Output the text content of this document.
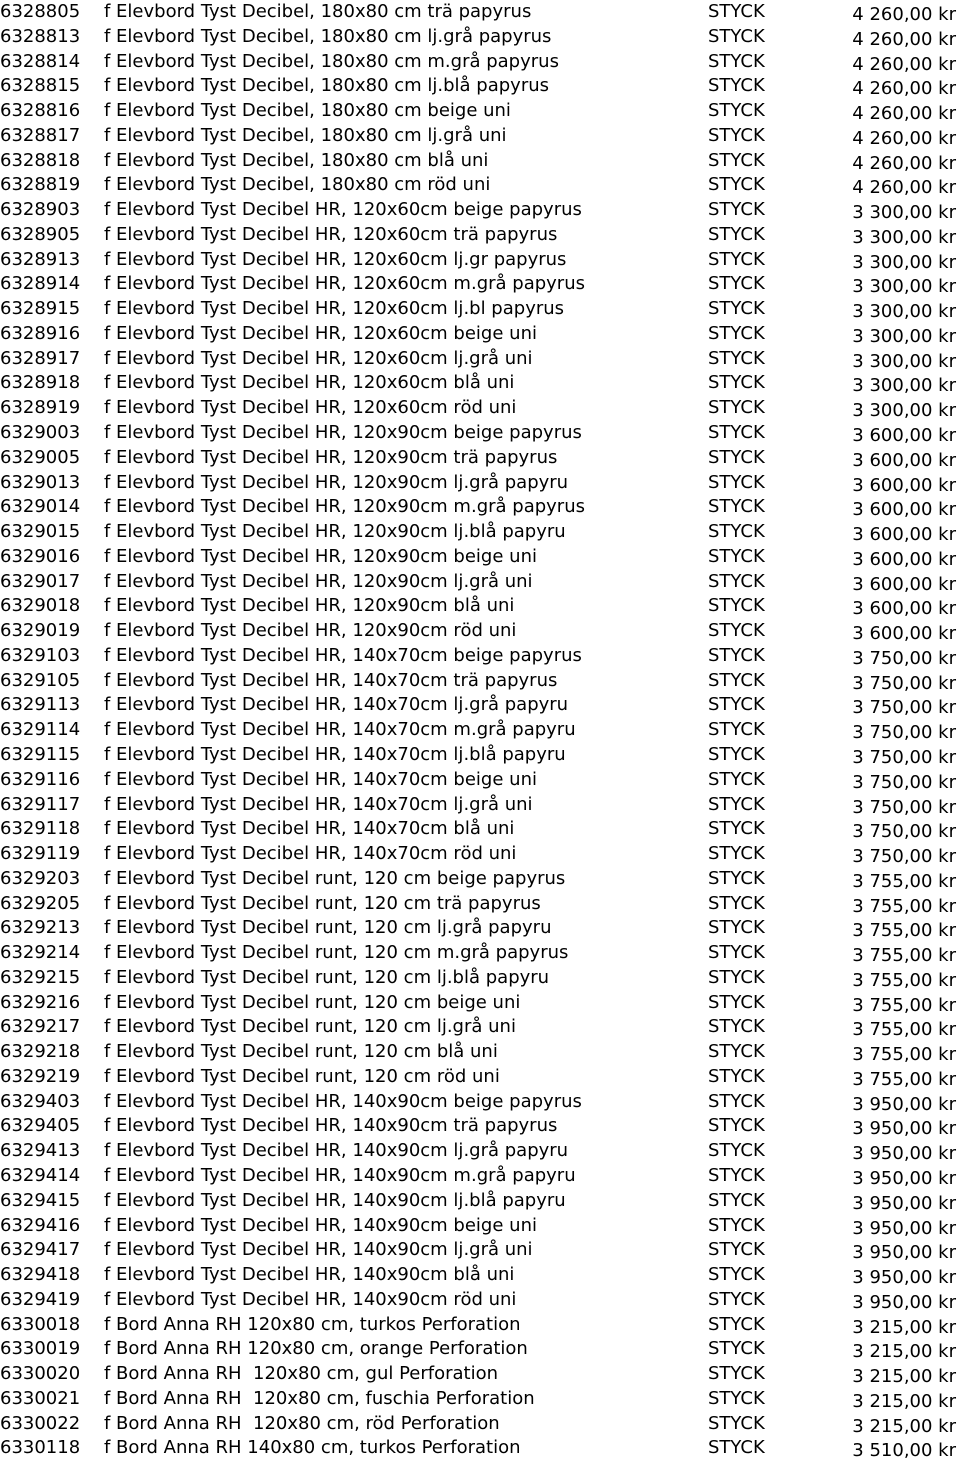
6328805 f Elevbord Tyst Decibel, 180x80 cm trä papyrus	STYCK	4 260,00 kr
6328813 f Elevbord Tyst Decibel, 180x80 cm lj.grå papyrus	STYCK	4 260,00 kr
6328814 f Elevbord Tyst Decibel, 180x80 cm m.grå papyrus	STYCK	4 260,00 kr
6328815 f Elevbord Tyst Decibel, 180x80 cm lj.blå papyrus	STYCK	4 260,00 kr
6328816 f Elevbord Tyst Decibel, 180x80 cm beige uni	STYCK	4 260,00 kr
6328817 f Elevbord Tyst Decibel, 180x80 cm lj.grå uni	STYCK	4 260,00 kr
6328818 f Elevbord Tyst Decibel, 180x80 cm blå uni	STYCK	4 260,00 kr
6328819 f Elevbord Tyst Decibel, 180x80 cm röd uni	STYCK	4 260,00 kr
6328903 f Elevbord Tyst Decibel HR, 120x60cm beige papyrus	STYCK	3 300,00 kr
6328905 f Elevbord Tyst Decibel HR, 120x60cm trä papyrus	STYCK	3 300,00 kr
6328913 f Elevbord Tyst Decibel HR, 120x60cm lj.gr papyrus	STYCK	3 300,00 kr
6328914 f Elevbord Tyst Decibel HR, 120x60cm m.grå papyrus	STYCK	3 300,00 kr
6328915 f Elevbord Tyst Decibel HR, 120x60cm lj.bl papyrus	STYCK	3 300,00 kr
6328916 f Elevbord Tyst Decibel HR, 120x60cm beige uni	STYCK	3 300,00 kr
6328917 f Elevbord Tyst Decibel HR, 120x60cm lj.grå uni	STYCK	3 300,00 kr
6328918 f Elevbord Tyst Decibel HR, 120x60cm blå uni	STYCK	3 300,00 kr
6328919 f Elevbord Tyst Decibel HR, 120x60cm röd uni	STYCK	3 300,00 kr
6329003 f Elevbord Tyst Decibel HR, 120x90cm beige papyrus	STYCK	3 600,00 kr
6329005 f Elevbord Tyst Decibel HR, 120x90cm trä papyrus	STYCK	3 600,00 kr
6329013 f Elevbord Tyst Decibel HR, 120x90cm lj.grå papyru	STYCK	3 600,00 kr
6329014 f Elevbord Tyst Decibel HR, 120x90cm m.grå papyrus	STYCK	3 600,00 kr
6329015 f Elevbord Tyst Decibel HR, 120x90cm lj.blå papyru	STYCK	3 600,00 kr
6329016 f Elevbord Tyst Decibel HR, 120x90cm beige uni	STYCK	3 600,00 kr
6329017 f Elevbord Tyst Decibel HR, 120x90cm lj.grå uni	STYCK	3 600,00 kr
6329018 f Elevbord Tyst Decibel HR, 120x90cm blå uni	STYCK	3 600,00 kr
6329019 f Elevbord Tyst Decibel HR, 120x90cm röd uni	STYCK	3 600,00 kr
6329103 f Elevbord Tyst Decibel HR, 140x70cm beige papyrus	STYCK	3 750,00 kr
6329105 f Elevbord Tyst Decibel HR, 140x70cm trä papyrus	STYCK	3 750,00 kr
6329113 f Elevbord Tyst Decibel HR, 140x70cm lj.grå papyru	STYCK	3 750,00 kr
6329114 f Elevbord Tyst Decibel HR, 140x70cm m.grå papyru	STYCK	3 750,00 kr
6329115 f Elevbord Tyst Decibel HR, 140x70cm lj.blå papyru	STYCK	3 750,00 kr
6329116 f Elevbord Tyst Decibel HR, 140x70cm beige uni	STYCK	3 750,00 kr
6329117 f Elevbord Tyst Decibel HR, 140x70cm lj.grå uni	STYCK	3 750,00 kr
6329118 f Elevbord Tyst Decibel HR, 140x70cm blå uni	STYCK	3 750,00 kr
6329119 f Elevbord Tyst Decibel HR, 140x70cm röd uni	STYCK	3 750,00 kr
6329203 f Elevbord Tyst Decibel runt, 120 cm beige papyrus	STYCK	3 755,00 kr
6329205 f Elevbord Tyst Decibel runt, 120 cm trä papyrus	STYCK	3 755,00 kr
6329213 f Elevbord Tyst Decibel runt, 120 cm lj.grå papyru	STYCK	3 755,00 kr
6329214 f Elevbord Tyst Decibel runt, 120 cm m.grå papyrus	STYCK	3 755,00 kr
6329215 f Elevbord Tyst Decibel runt, 120 cm lj.blå papyru	STYCK	3 755,00 kr
6329216 f Elevbord Tyst Decibel runt, 120 cm beige uni	STYCK	3 755,00 kr
6329217 f Elevbord Tyst Decibel runt, 120 cm lj.grå uni	STYCK	3 755,00 kr
6329218 f Elevbord Tyst Decibel runt, 120 cm blå uni	STYCK	3 755,00 kr
6329219 f Elevbord Tyst Decibel runt, 120 cm röd uni	STYCK	3 755,00 kr
6329403 f Elevbord Tyst Decibel HR, 140x90cm beige papyrus	STYCK	3 950,00 kr
6329405 f Elevbord Tyst Decibel HR, 140x90cm trä papyrus	STYCK	3 950,00 kr
6329413 f Elevbord Tyst Decibel HR, 140x90cm lj.grå papyru	STYCK	3 950,00 kr
6329414 f Elevbord Tyst Decibel HR, 140x90cm m.grå papyru	STYCK	3 950,00 kr
6329415 f Elevbord Tyst Decibel HR, 140x90cm lj.blå papyru	STYCK	3 950,00 kr
6329416 f Elevbord Tyst Decibel HR, 140x90cm beige uni	STYCK	3 950,00 kr
6329417 f Elevbord Tyst Decibel HR, 140x90cm lj.grå uni	STYCK	3 950,00 kr
6329418 f Elevbord Tyst Decibel HR, 140x90cm blå uni	STYCK	3 950,00 kr
6329419 f Elevbord Tyst Decibel HR, 140x90cm röd uni	STYCK	3 950,00 kr
6330018 f Bord Anna RH 120x80 cm, turkos Perforation	STYCK	3 215,00 kr
6330019 f Bord Anna RH 120x80 cm, orange Perforation	STYCK	3 215,00 kr
6330020 f Bord Anna RH  120x80 cm, gul Perforation	STYCK	3 215,00 kr
6330021 f Bord Anna RH  120x80 cm, fuschia Perforation	STYCK	3 215,00 kr
6330022 f Bord Anna RH  120x80 cm, röd Perforation	STYCK	3 215,00 kr
6330118 f Bord Anna RH 140x80 cm, turkos Perforation	STYCK	3 510,00 kr
